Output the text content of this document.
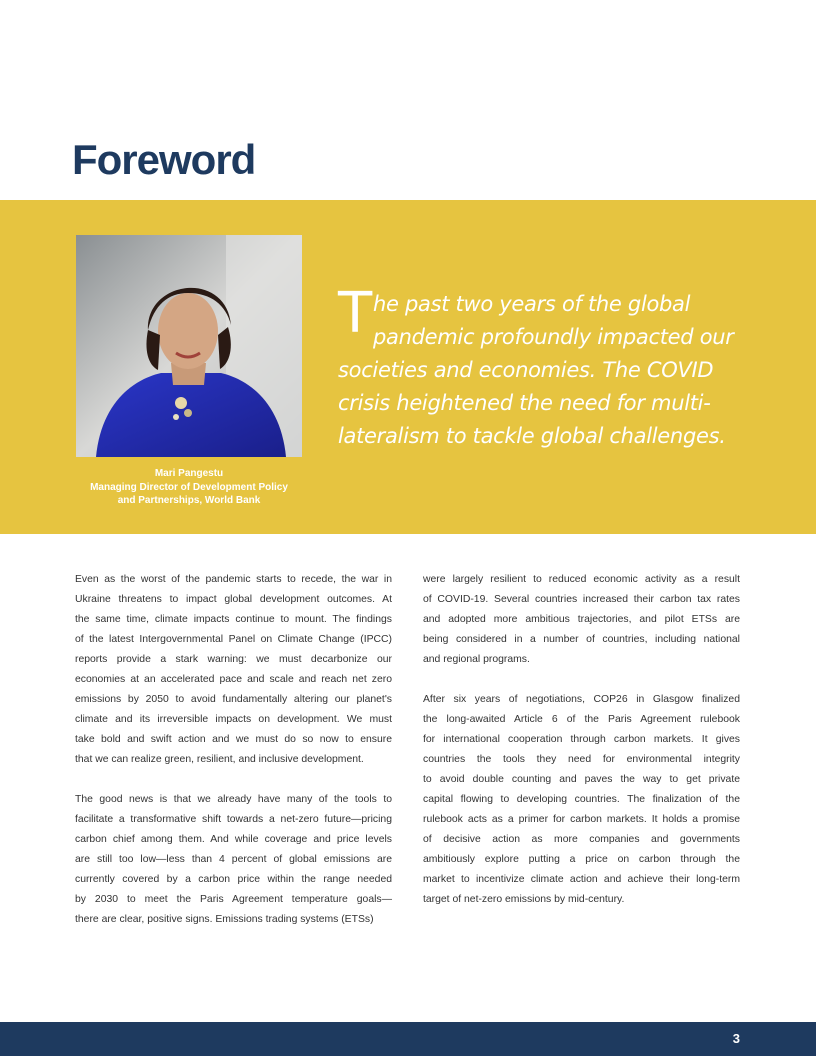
Foreword
Mari Pangestu
Managing Director of Development Policy
and Partnerships, World Bank
T he past two years of the global
pandemic profoundly impacted our
societies and economies. The COVID
crisis heightened the need for multi-
lateralism to tackle global challenges.

Even as the worst of the pandemic starts to recede, the war in
Ukraine threatens to impact global development outcomes. At
the same time, climate impacts continue to mount. The findings
of the latest Intergovernmental Panel on Climate Change (IPCC)
reports provide a stark warning: we must decarbonize our
economies at an accelerated pace and scale and reach net zero
emissions by 2050 to avoid fundamentally altering our planet's
climate and its irreversible impacts on development. We must
take bold and swift action and we must do so now to ensure
that we can realize green, resilient, and inclusive development.

The good news is that we already have many of the tools to
facilitate a transformative shift towards a net-zero future—pricing
carbon chief among them. And while coverage and price levels
are still too low—less than 4 percent of global emissions are
currently covered by a carbon price within the range needed
by 2030 to meet the Paris Agreement temperature goals—
there are clear, positive signs. Emissions trading systems (ETSs)

were largely resilient to reduced economic activity as a result
of COVID-19. Several countries increased their carbon tax rates
and adopted more ambitious trajectories, and pilot ETSs are
being considered in a number of countries, including national
and regional programs.

After six years of negotiations, COP26 in Glasgow finalized
the long-awaited Article 6 of the Paris Agreement rulebook
for international cooperation through carbon markets. It gives
countries the tools they need for environmental integrity
to avoid double counting and paves the way to get private
capital flowing to developing countries. The finalization of the
rulebook acts as a primer for carbon markets. It holds a promise
of decisive action as more companies and governments
ambitiously explore putting a price on carbon through the
market to incentivize climate action and achieve their long-term
target of net-zero emissions by mid-century.

3
